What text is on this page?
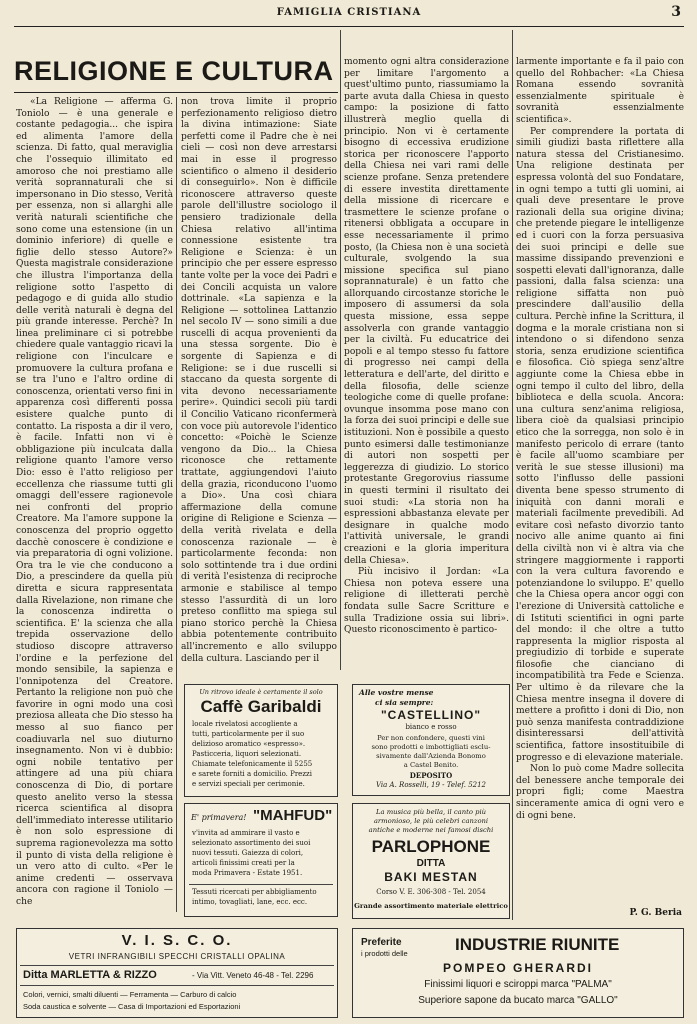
FAMIGLIA CRISTIANA	3
RELIGIONE E CULTURA

«La Religione — afferma G. Toniolo — è una generale e costante pedagogia... che ispira ed alimenta l'amore della scienza. Di fatto, qual meraviglia che l'ossequio illimitato ed amoroso che noi prestiamo alle verità soprannaturali che si impersonano in Dio stesso, Verità per essenza, non si allarghi alle verità naturali scientifiche che sono come una estensione (in un dominio inferiore) di quelle e figlie dello stesso Autore?» Questa magistrale considerazione che illustra l'importanza della religione sotto l'aspetto di pedagogo e di guida allo studio delle verità naturali è degna del più grande interesse. Perchè? In linea preliminare ci si potrebbe chiedere quale vantaggio ricavi la religione con l'inculcare e promuovere la cultura profana e se tra l'uno e l'altro ordine di conoscenza, orientati verso fini in apparenza così differenti possa esistere qualche punto di contatto. La risposta a dir il vero, è facile. Infatti non vi è obbligazione più inculcata dalla religione quanto l'amore verso Dio: esso è l'atto religioso per eccellenza che riassume tutti gli omaggi dell'essere ragionevole nei confronti del proprio Creatore. Ma l'amore suppone la conoscenza del proprio oggetto dacchè conoscere è condizione e via preparatoria di ogni volizione. Ora tra le vie che conducono a Dio, a prescindere da quella più diretta e sicura rappresentata dalla Rivelazione, non rimane che la conoscenza indiretta o scientifica. E' la scienza che alla trepida osservazione dello studioso discopre attraverso l'ordine e la perfezione del mondo sensibile, la sapienza e l'onnipotenza del Creatore. Pertanto la religione non può che favorire in ogni modo una così preziosa alleata che Dio stesso ha messo al suo fianco per coadiuvarla nel suo diuturno insegnamento. Non vi è dubbio: ogni nobile tentativo per attingere ad una più chiara conoscenza di Dio, di portare questo anelito verso la stessa ricerca scientifica al disopra dell'immediato interesse utilitario è non solo espressione di suprema ragionevolezza ma sotto il punto di vista della religione è un vero atto di culto. «Per le anime credenti — osservava ancora con ragione il Toniolo — che

non trova limite il proprio perfezionamento religioso dietro la divina intimazione: Siate perfetti come il Padre che è nei cieli — così non deve arrestarsi mai in esse il progresso scientifico o almeno il desiderio di conseguirlo». Non è difficile riconoscere attraverso queste parole dell'illustre sociologo il pensiero tradizionale della Chiesa relativo all'intima connessione esistente tra Religione e Scienza: è un principio che per essere espresso tante volte per la voce dei Padri e dei Concili acquista un valore dottrinale. «La sapienza e la Religione — sottolinea Lattanzio nel secolo IV — sono simili a due ruscelli di acqua provenienti da una stessa sorgente. Dio è sorgente di Sapienza e di Religione: se i due ruscelli si staccano da questa sorgente di vita devono necessariamente perire». Quindici secoli più tardi il Concilio Vaticano riconfermerà con voce più autorevole l'identico concetto: «Poichè le Scienze vengono da Dio... la Chiesa riconosce che rettamente trattate, aggiungendovi l'aiuto della grazia, riconducono l'uomo a Dio». Una così chiara affermazione della comune origine di Religione e Scienza — della verità rivelata e della conoscenza razionale — è particolarmente feconda: non solo sottintende tra i due ordini di verità l'esistenza di reciproche armonie e stabilisce al tempo stesso l'assurdità di un loro preteso conflitto ma spiega sul piano storico perchè la Chiesa abbia potentemente contribuito all'incremento e allo sviluppo della cultura. Lasciando per il

momento ogni altra considerazione per limitare l'argomento a quest'ultimo punto, riassumiamo la parte avuta dalla Chiesa in questo campo: la posizione di fatto illustrerà meglio quella di principio. Non vi è certamente bisogno di eccessiva erudizione storica per riconoscere l'apporto della Chiesa nei vari rami delle scienze profane. Senza pretendere di essere investita direttamente della missione di ricercare e trasmettere le scienze profane o ritenersi obbligata a occupare in esse necessariamente il primo posto, (la Chiesa non è una società culturale, svolgendo la sua missione specifica sul piano soprannaturale) è un fatto che allorquando circostanze storiche le imposero di assumersi da sola questa missione, essa seppe assolverla con grande vantaggio per la civiltà. Fu educatrice dei popoli e al tempo stesso fu fattore di progresso nei campi della letteratura e dell'arte, del diritto e della filosofia, delle scienze teologiche come di quelle profane: ovunque insomma pose mano con la forza dei suoi principi e delle sue istituzioni. Non è possibile a questo punto esimersi dalle testimonianze di autori non sospetti per leggerezza di giudizio. Lo storico protestante Gregorovius riassume in questi termini il risultato dei suoi studi: «La storia non ha espressioni abbastanza elevate per designare in qualche modo l'attività universale, le grandi creazioni e la gloria imperitura della Chiesa».

Più incisivo il Jordan: «La Chiesa non poteva essere una religione di illetterati perchè fondata sulle Sacre Scritture e sulla Tradizione ossia sui libri». Questo riconoscimento è partico-

larmente importante e fa il paio con quello del Rohbacher: «La Chiesa Romana essendo sovranità essenzialmente spirituale è sovranità essenzialmente scientifica».

Per comprendere la portata di simili giudizi basta riflettere alla natura stessa del Cristianesimo. Una religione destinata per espressa volontà del suo Fondatare, in ogni tempo a tutti gli uomini, ai quali deve presentare le prove razionali della sua origine divina; che pretende piegare le intelligenze ed i cuori con la forza persuasiva dei suoi principi e delle sue massime dissipando prevenzioni e sospetti elevati dall'ignoranza, dalle passioni, dalla falsa scienza: una religione siffatta non può prescindere dall'ausilio della cultura. Perchè infine la Scrittura, il dogma e la morale cristiana non si intendono o si difendono senza storia, senza erudizione scientifica e filosofica. Ciò spiega senz'altre aggiunte come la Chiesa ebbe in ogni tempo il culto del libro, della biblioteca e della scuola. Ancora: una cultura senz'anima religiosa, libera cioè da qualsiasi principio etico che la sorregga, non solo è in manifesto pericolo di errare (tanto è facile all'uomo scambiare per verità le sue stesse illusioni) ma sotto l'influsso delle passioni diventa bene spesso strumento di iniquità con danni morali e materiali facilmente prevedibili. Ad evitare così nefasto divorzio tanto nocivo alle anime quanto ai fini della civiltà non vi è altra via che stringere maggiormente i rapporti con la vera cultura favorendo e potenziandone lo sviluppo. E' quello che la Chiesa opera ancor oggi con l'erezione di Università cattoliche e di Istituti scientifici in ogni parte del mondo: il che oltre a tutto rappresenta la miglior risposta al pregiudizio di torbide e superate filosofie che cianciano di incompatibilità tra Fede e Scienza. Per ultimo è da rilevare che la Chiesa mentre insegna il dovere di mettere a profitto i doni di Dio, non può senza manifesta contraddizione disinteressarsi dell'attività scientifica, fattore insostituibile di progresso e di elevazione materiale.

Non lo può come Madre sollecita del benessere anche temporale dei propri figli; come Maestra sinceramente amica di ogni vero e di ogni bene.

P. G. Beria
Un ritrovo ideale è certamente il solo
Caffè Garibaldi
locale rivelatosi accogliente a
tutti, particolarmente per il suo
delizioso aromatico «espresso».
Pasticceria, liquori selezionati.
Chiamate telefonicamente il 5255
e sarete forniti a domicilio. Prezzi
e servizi speciali per cerimonie.
E' primavera! "MAHFUD"
v'invita ad ammirare il vasto e
selezionato assortimento dei suoi
nuovi tessuti. Gaiezza di colori,
articoli finissimi creati per la
moda Primavera - Estate 1951.
Tessuti ricercati per abbigliamento
intimo, tovagliati, lane, ecc. ecc.
Alle vostre mense
ci sia sempre:
"CASTELLINO"
bianco e rosso
Per non confondere, questi vini
sono prodotti e imbottigliati esclu-
sivamente dall'Azienda Bonomo
a Castel Benito.
DEPOSITO
Via A. Rosselli, 19 - Telef. 5212
La musica più bella, il canto più
armonioso, le più celebri canzoni
antiche e moderne nei famosi dischi
PARLOPHONE
DITTA
BAKI MESTAN
Corso V. E. 306-308 - Tel. 2054
Grande assortimento materiale elettrico
V. I. S. C. O.
VETRI INFRANGIBILI SPECCHI CRISTALLI OPALINA
Ditta MARLETTA & RIZZO	- Via Vitt. Veneto 46-48 - Tel. 2296
Colori, vernici, smalti diluenti — Ferramenta — Carburo di calcio
Soda caustica e solvente — Casa di Importazioni ed Esportazioni
Preferite
i prodotti delle	INDUSTRIE RIUNITE
POMPEO GHERARDI
Finissimi liquori e sciroppi marca "PALMA"
Superiore sapone da bucato marca "GALLO"
